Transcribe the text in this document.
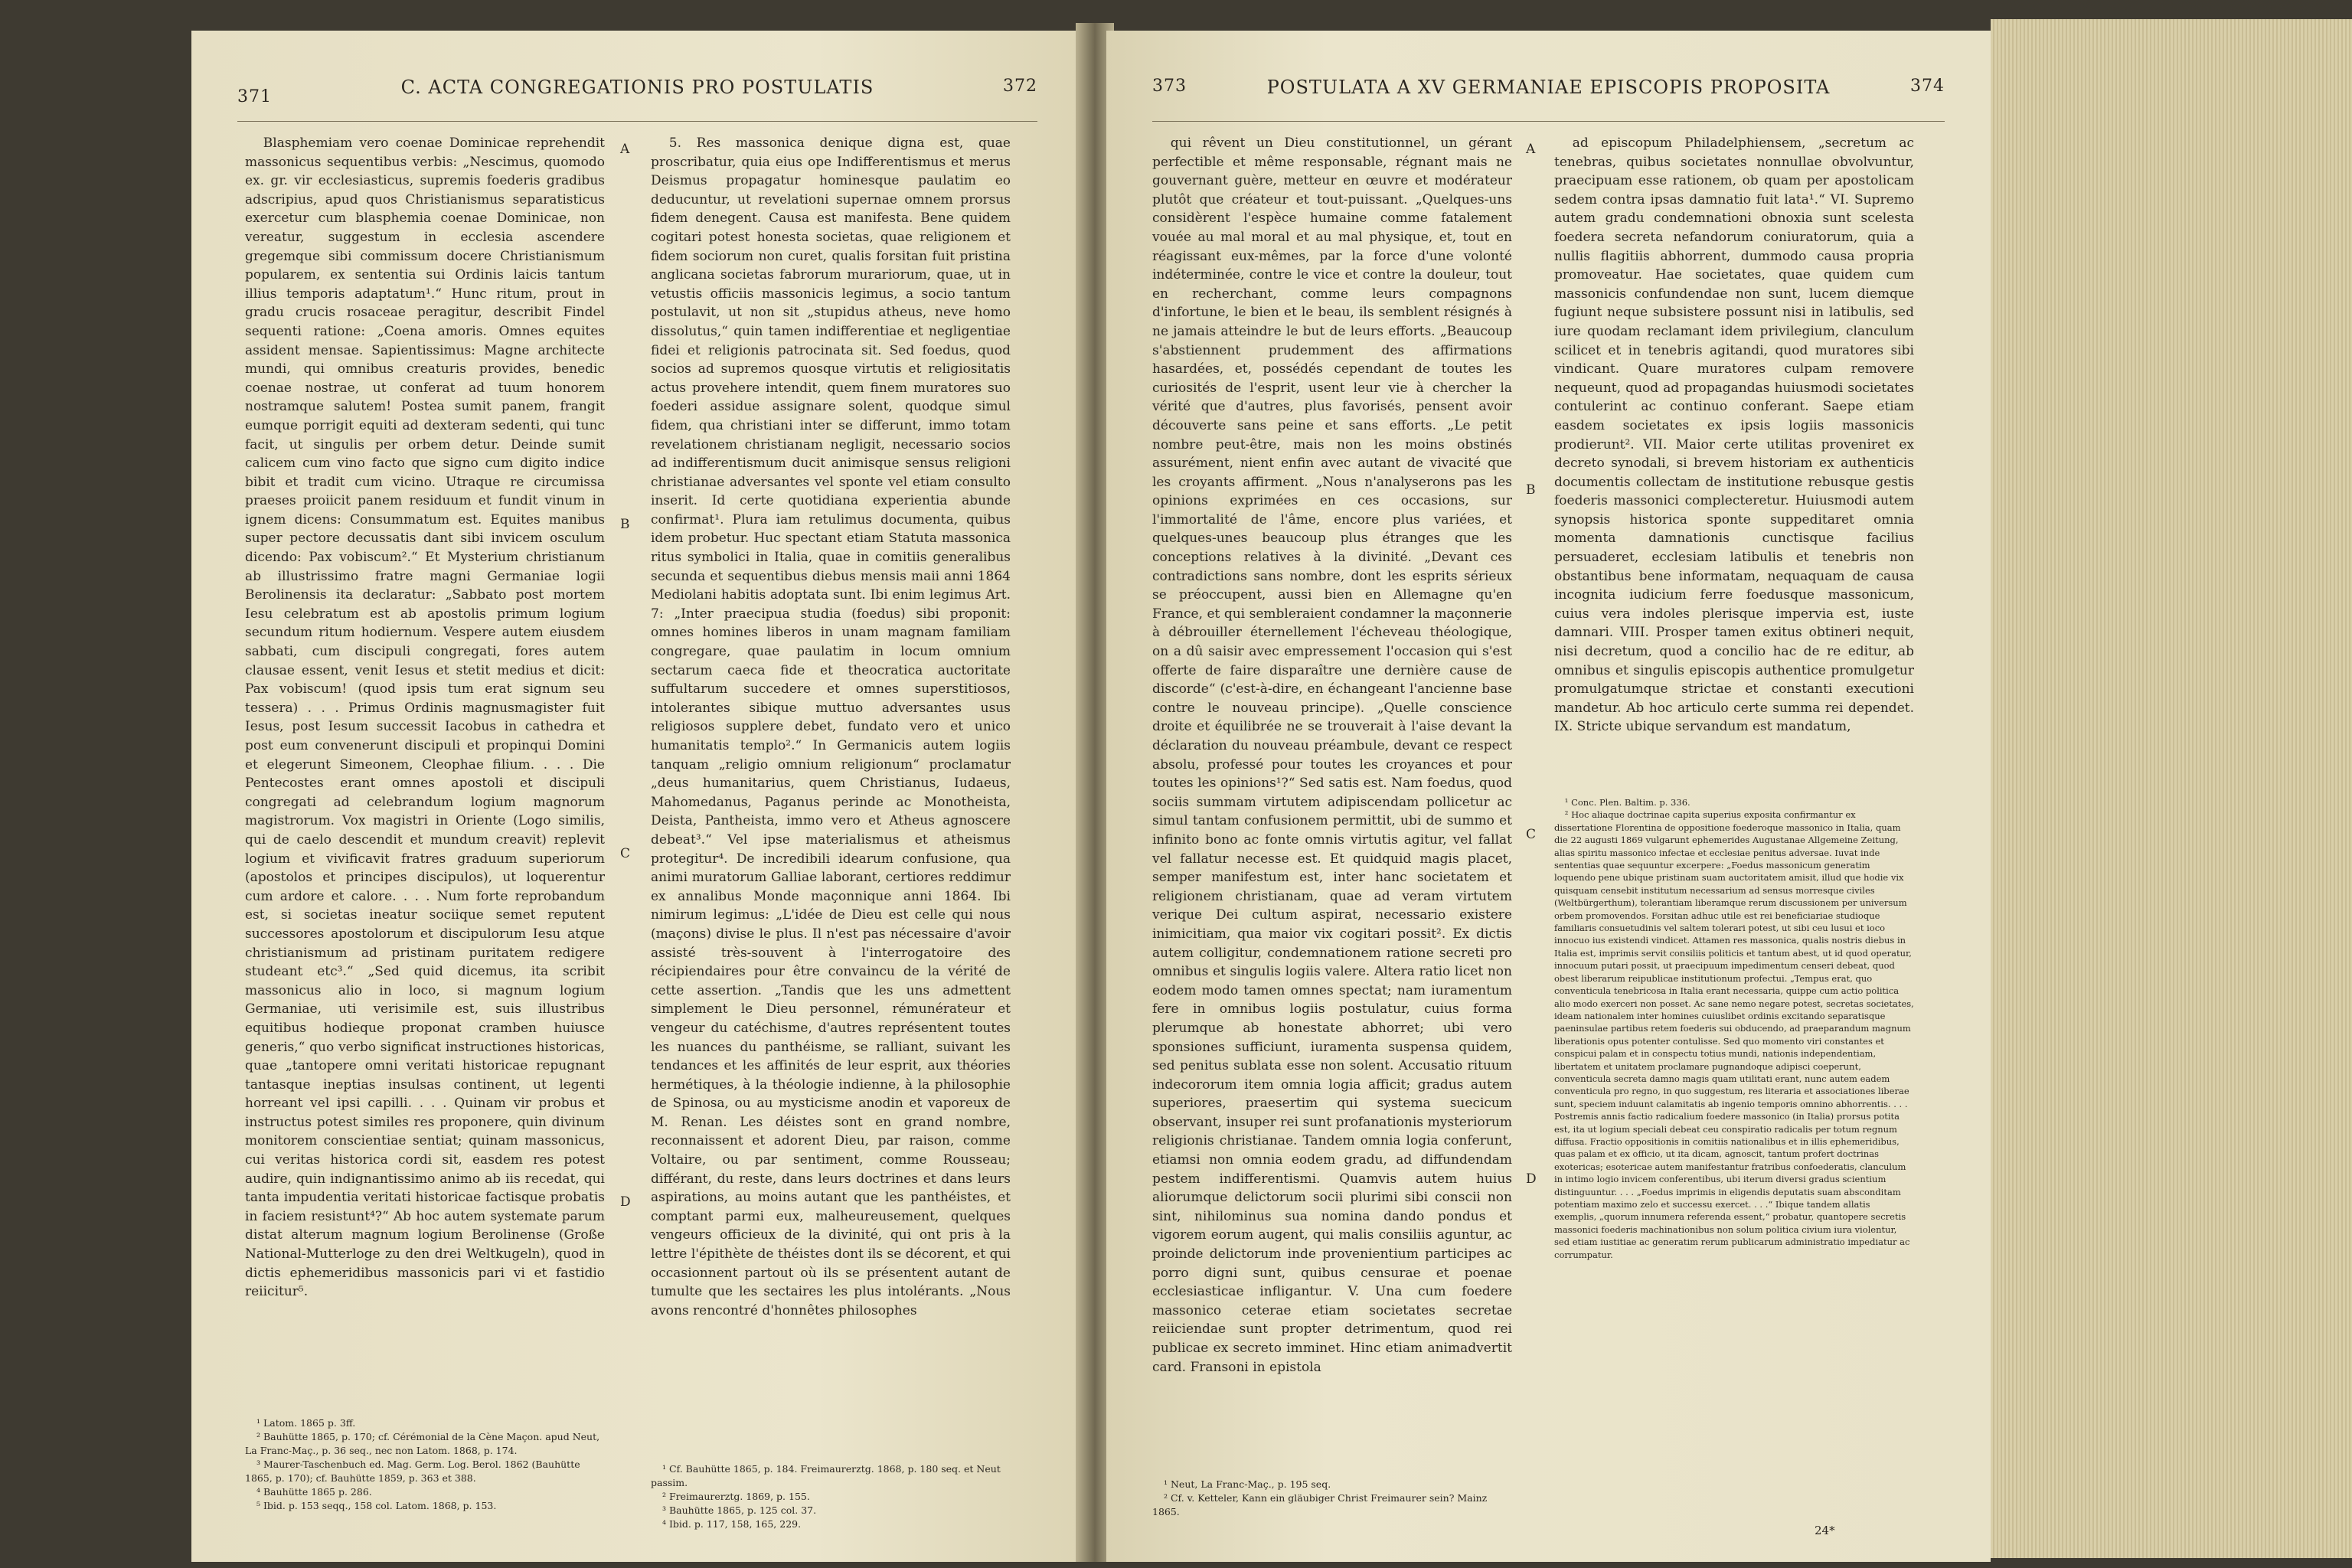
371	C. ACTA CONGREGATIONIS PRO POSTULATIS	372

Blasphemiam vero coenae Dominicae reprehendit massonicus sequentibus verbis: „Nescimus, quomodo ex. gr. vir ecclesiasticus, supremis foederis gradibus adscripius, apud quos Christianismus separatisticus exercetur cum blasphemia coenae Dominicae, non vereatur, suggestum in ecclesia ascendere gregemque sibi commissum docere Christianismum popularem, ex sententia sui Ordinis laicis tantum illius temporis adaptatum¹.“ Hunc ritum, prout in gradu crucis rosaceae peragitur, describit Findel sequenti ratione: „Coena amoris. Omnes equites assident mensae. Sapientissimus: Magne architecte mundi, qui omnibus creaturis provides, benedic coenae nostrae, ut conferat ad tuum honorem nostramque salutem! Postea sumit panem, frangit eumque porrigit equiti ad dexteram sedenti, qui tunc facit, ut singulis per orbem detur. Deinde sumit calicem cum vino facto que signo cum digito indice bibit et tradit cum vicino. Utraque re circumissa praeses proiicit panem residuum et fundit vinum in ignem dicens: Consummatum est. Equites manibus super pectore decussatis dant sibi invicem osculum dicendo: Pax vobiscum².“ Et Mysterium christianum ab illustrissimo fratre magni Germaniae logii Berolinensis ita declaratur: „Sabbato post mortem Iesu celebratum est ab apostolis primum logium secundum ritum hodiernum. Vespere autem eiusdem sabbati, cum discipuli congregati, fores autem clausae essent, venit Iesus et stetit medius et dicit: Pax vobiscum! (quod ipsis tum erat signum seu tessera) . . . Primus Ordinis magnusmagister fuit Iesus, post Iesum successit Iacobus in cathedra et post eum convenerunt discipuli et propinqui Domini et elegerunt Simeonem, Cleophae filium. . . . Die Pentecostes erant omnes apostoli et discipuli congregati ad celebrandum logium magnorum magistrorum. Vox magistri in Oriente (Logo similis, qui de caelo descendit et mundum creavit) replevit logium et vivificavit fratres graduum superiorum (apostolos et principes discipulos), ut loquerentur cum ardore et calore. . . . Num forte reprobandum est, si societas ineatur sociique semet reputent successores apostolorum et discipulorum Iesu atque christianismum ad pristinam puritatem redigere studeant etc³.“ „Sed quid dicemus, ita scribit massonicus alio in loco, si magnum logium Germaniae, uti verisimile est, suis illustribus equitibus hodieque proponat cramben huiusce generis,“ quo verbo significat instructiones historicas, quae „tantopere omni veritati historicae repugnant tantasque ineptias insulsas continent, ut legenti horreant vel ipsi capilli. . . . Quinam vir probus et instructus potest similes res proponere, quin divinum monitorem conscientiae sentiat; quinam massonicus, cui veritas historica cordi sit, easdem res potest audire, quin indignantissimo animo ab iis recedat, qui tanta impudentia veritati historicae factisque probatis in faciem resistunt⁴?“ Ab hoc autem systemate parum distat alterum magnum logium Berolinense (Große National-Mutterloge zu den drei Weltkugeln), quod in dictis ephemeridibus massonicis pari vi et fastidio reiicitur⁵.

A
B
C
D

5. Res massonica denique digna est, quae proscribatur, quia eius ope Indifferentismus et merus Deismus propagatur hominesque paulatim eo deducuntur, ut revelationi supernae omnem prorsus fidem denegent. Causa est manifesta. Bene quidem cogitari potest honesta societas, quae religionem et fidem sociorum non curet, qualis forsitan fuit pristina anglicana societas fabrorum murariorum, quae, ut in vetustis officiis massonicis legimus, a socio tantum postulavit, ut non sit „stupidus atheus, neve homo dissolutus,“ quin tamen indifferentiae et negligentiae fidei et religionis patrocinata sit. Sed foedus, quod socios ad supremos quosque virtutis et religiositatis actus provehere intendit, quem finem muratores suo foederi assidue assignare solent, quodque simul fidem, qua christiani inter se differunt, immo totam revelationem christianam negligit, necessario socios ad indifferentismum ducit animisque sensus religioni christianae adversantes vel sponte vel etiam consulto inserit. Id certe quotidiana experientia abunde confirmat¹. Plura iam retulimus documenta, quibus idem probetur. Huc spectant etiam Statuta massonica ritus symbolici in Italia, quae in comitiis generalibus secunda et sequentibus diebus mensis maii anni 1864 Mediolani habitis adoptata sunt. Ibi enim legimus Art. 7: „Inter praecipua studia (foedus) sibi proponit: omnes homines liberos in unam magnam familiam congregare, quae paulatim in locum omnium sectarum caeca fide et theocratica auctoritate suffultarum succedere et omnes superstitiosos, intolerantes sibique muttuo adversantes usus religiosos supplere debet, fundato vero et unico humanitatis templo².“ In Germanicis autem logiis tanquam „religio omnium religionum“ proclamatur „deus humanitarius, quem Christianus, Iudaeus, Mahomedanus, Paganus perinde ac Monotheista, Deista, Pantheista, immo vero et Atheus agnoscere debeat³.“ Vel ipse materialismus et atheismus protegitur⁴. De incredibili idearum confusione, qua animi muratorum Galliae laborant, certiores reddimur ex annalibus Monde maçonnique anni 1864. Ibi nimirum legimus: „L'idée de Dieu est celle qui nous (maçons) divise le plus. Il n'est pas nécessaire d'avoir assisté très-souvent à l'interrogatoire des récipiendaires pour être convaincu de la vérité de cette assertion. „Tandis que les uns admettent simplement le Dieu personnel, rémunérateur et vengeur du catéchisme, d'autres représentent toutes les nuances du panthéisme, se ralliant, suivant les tendances et les affinités de leur esprit, aux théories hermétiques, à la théologie indienne, à la philosophie de Spinosa, ou au mysticisme anodin et vaporeux de M. Renan. Les déistes sont en grand nombre, reconnaissent et adorent Dieu, par raison, comme Voltaire, ou par sentiment, comme Rousseau; différant, du reste, dans leurs doctrines et dans leurs aspirations, au moins autant que les panthéistes, et comptant parmi eux, malheureusement, quelques vengeurs officieux de la divinité, qui ont pris à la lettre l'épithète de théistes dont ils se décorent, et qui occasionnent partout où ils se présentent autant de tumulte que les sectaires les plus intolérants. „Nous avons rencontré d'honnêtes philosophes

¹ Latom. 1865 p. 3ff.

² Bauhütte 1865, p. 170; cf. Cérémonial de la Cène Maçon. apud Neut, La Franc-Maç., p. 36 seq., nec non Latom. 1868, p. 174.

³ Maurer-Taschenbuch ed. Mag. Germ. Log. Berol. 1862 (Bauhütte 1865, p. 170); cf. Bauhütte 1859, p. 363 et 388.

⁴ Bauhütte 1865 p. 286.

⁵ Ibid. p. 153 seqq., 158 col. Latom. 1868, p. 153.

¹ Cf. Bauhütte 1865, p. 184. Freimaurerztg. 1868, p. 180 seq. et Neut passim.

² Freimaurerztg. 1869, p. 155.

³ Bauhütte 1865, p. 125 col. 37.

⁴ Ibid. p. 117, 158, 165, 229.

373	POSTULATA A XV GERMANIAE EPISCOPIS PROPOSITA	374

qui rêvent un Dieu constitutionnel, un gérant perfectible et même responsable, régnant mais ne gouvernant guère, metteur en œuvre et modérateur plutôt que créateur et tout-puissant. „Quelques-uns considèrent l'espèce humaine comme fatalement vouée au mal moral et au mal physique, et, tout en réagissant eux-mêmes, par la force d'une volonté indéterminée, contre le vice et contre la douleur, tout en recherchant, comme leurs compagnons d'infortune, le bien et le beau, ils semblent résignés à ne jamais atteindre le but de leurs efforts. „Beaucoup s'abstiennent prudemment des affirmations hasardées, et, possédés cependant de toutes les curiosités de l'esprit, usent leur vie à chercher la vérité que d'autres, plus favorisés, pensent avoir découverte sans peine et sans efforts. „Le petit nombre peut-être, mais non les moins obstinés assurément, nient enfin avec autant de vivacité que les croyants affirment. „Nous n'analyserons pas les opinions exprimées en ces occasions, sur l'immortalité de l'âme, encore plus variées, et quelques-unes beaucoup plus étranges que les conceptions relatives à la divinité. „Devant ces contradictions sans nombre, dont les esprits sérieux se préoccupent, aussi bien en Allemagne qu'en France, et qui sembleraient condamner la maçonnerie à débrouiller éternellement l'écheveau théologique, on a dû saisir avec empressement l'occasion qui s'est offerte de faire disparaître une dernière cause de discorde“ (c'est-à-dire, en échangeant l'ancienne base contre le nouveau principe). „Quelle conscience droite et équilibrée ne se trouverait à l'aise devant la déclaration du nouveau préambule, devant ce respect absolu, professé pour toutes les croyances et pour toutes les opinions¹?“ Sed satis est. Nam foedus, quod sociis summam virtutem adipiscendam pollicetur ac simul tantam confusionem permittit, ubi de summo et infinito bono ac fonte omnis virtutis agitur, vel fallat vel fallatur necesse est. Et quidquid magis placet, semper manifestum est, inter hanc societatem et religionem christianam, quae ad veram virtutem verique Dei cultum aspirat, necessario existere inimicitiam, qua maior vix cogitari possit². Ex dictis autem colligitur, condemnationem ratione secreti pro omnibus et singulis logiis valere. Altera ratio licet non eodem modo tamen omnes spectat; nam iuramentum fere in omnibus logiis postulatur, cuius forma plerumque ab honestate abhorret; ubi vero sponsiones sufficiunt, iuramenta suspensa quidem, sed penitus sublata esse non solent. Accusatio rituum indecororum item omnia logia afficit; gradus autem superiores, praesertim qui systema suecicum observant, insuper rei sunt profanationis mysteriorum religionis christianae. Tandem omnia logia conferunt, etiamsi non omnia eodem gradu, ad diffundendam pestem indifferentismi. Quamvis autem huius aliorumque delictorum socii plurimi sibi conscii non sint, nihilominus sua nomina dando pondus et vigorem eorum augent, qui malis consiliis aguntur, ac proinde delictorum inde provenientium participes ac porro digni sunt, quibus censurae et poenae ecclesiasticae infligantur. V. Una cum foedere massonico ceterae etiam societates secretae reiiciendae sunt propter detrimentum, quod rei publicae ex secreto imminet. Hinc etiam animadvertit card. Fransoni in epistola

A
B
C
D

ad episcopum Philadelphiensem, „secretum ac tenebras, quibus societates nonnullae obvolvuntur, praecipuam esse rationem, ob quam per apostolicam sedem contra ipsas damnatio fuit lata¹.“ VI. Supremo autem gradu condemnationi obnoxia sunt scelesta foedera secreta nefandorum coniuratorum, quia a nullis flagitiis abhorrent, dummodo causa propria promoveatur. Hae societates, quae quidem cum massonicis confundendae non sunt, lucem diemque fugiunt neque subsistere possunt nisi in latibulis, sed iure quodam reclamant idem privilegium, clanculum scilicet et in tenebris agitandi, quod muratores sibi vindicant. Quare muratores culpam removere nequeunt, quod ad propagandas huiusmodi societates contulerint ac continuo conferant. Saepe etiam easdem societates ex ipsis logiis massonicis prodierunt². VII. Maior certe utilitas proveniret ex decreto synodali, si brevem historiam ex authenticis documentis collectam de institutione rebusque gestis foederis massonici complecteretur. Huiusmodi autem synopsis historica sponte suppeditaret omnia momenta damnationis cunctisque facilius persuaderet, ecclesiam latibulis et tenebris non obstantibus bene informatam, nequaquam de causa incognita iudicium ferre foedusque massonicum, cuius vera indoles plerisque impervia est, iuste damnari. VIII. Prosper tamen exitus obtineri nequit, nisi decretum, quod a concilio hac de re editur, ab omnibus et singulis episcopis authentice promulgetur promulgatumque strictae et constanti executioni mandetur. Ab hoc articulo certe summa rei dependet. IX. Stricte ubique servandum est mandatum,

¹ Neut, La Franc-Maç., p. 195 seq.

² Cf. v. Ketteler, Kann ein gläubiger Christ Freimaurer sein? Mainz 1865.

¹ Conc. Plen. Baltim. p. 336.

² Hoc aliaque doctrinae capita superius exposita confirmantur ex dissertatione Florentina de oppositione foederoque massonico in Italia, quam die 22 augusti 1869 vulgarunt ephemerides Augustanae Allgemeine Zeitung, alias spiritu massonico infectae et ecclesiae penitus adversae. Iuvat inde sententias quae sequuntur excerpere: „Foedus massonicum generatim loquendo pene ubique pristinam suam auctoritatem amisit, illud que hodie vix quisquam censebit institutum necessarium ad sensus morresque civiles (Weltbürgerthum), tolerantiam liberamque rerum discussionem per universum orbem promovendos. Forsitan adhuc utile est rei beneficiariae studioque familiaris consuetudinis vel saltem tolerari potest, ut sibi ceu lusui et ioco innocuo ius existendi vindicet. Attamen res massonica, qualis nostris diebus in Italia est, imprimis servit consiliis politicis et tantum abest, ut id quod operatur, innocuum putari possit, ut praecipuum impedimentum censeri debeat, quod obest liberarum reipublicae institutionum profectui. „Tempus erat, quo conventicula tenebricosa in Italia erant necessaria, quippe cum actio politica alio modo exerceri non posset. Ac sane nemo negare potest, secretas societates, ideam nationalem inter homines cuiuslibet ordinis excitando separatisque paeninsulae partibus retem foederis sui obducendo, ad praeparandum magnum liberationis opus potenter contulisse. Sed quo momento viri constantes et conspicui palam et in conspectu totius mundi, nationis independentiam, libertatem et unitatem proclamare pugnandoque adipisci coeperunt, conventicula secreta damno magis quam utilitati erant, nunc autem eadem conventicula pro regno, in quo suggestum, res literaria et associationes liberae sunt, speciem induunt calamitatis ab ingenio temporis omnino abhorrentis. . . . Postremis annis factio radicalium foedere massonico (in Italia) prorsus potita est, ita ut logium speciali debeat ceu conspiratio radicalis per totum regnum diffusa. Fractio oppositionis in comitiis nationalibus et in illis ephemeridibus, quas palam et ex officio, ut ita dicam, agnoscit, tantum profert doctrinas exotericas; esotericae autem manifestantur fratribus confoederatis, clanculum in intimo logio invicem conferentibus, ubi iterum diversi gradus scientium distinguuntur. . . . „Foedus imprimis in eligendis deputatis suam absconditam potentiam maximo zelo et successu exercet. . . .“ Ibique tandem allatis exemplis, „quorum innumera referenda essent,“ probatur, quantopere secretis massonici foederis machinationibus non solum politica civium iura violentur, sed etiam iustitiae ac generatim rerum publicarum administratio impediatur ac corrumpatur.

24*
